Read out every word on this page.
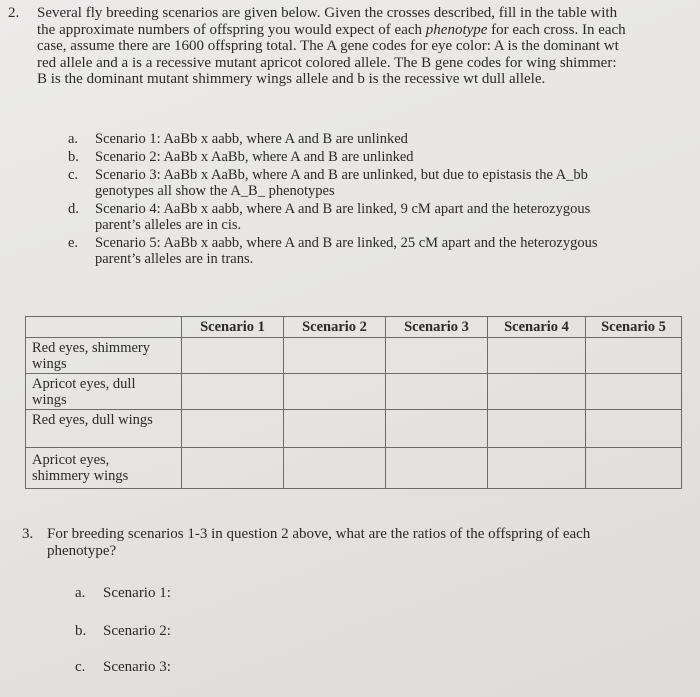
2. Several fly breeding scenarios are given below. Given the crosses described, fill in the table with
the approximate numbers of offspring you would expect of each phenotype for each cross. In each
case, assume there are 1600 offspring total. The A gene codes for eye color: A is the dominant wt
red allele and a is a recessive mutant apricot colored allele. The B gene codes for wing shimmer:
B is the dominant mutant shimmery wings allele and b is the recessive wt dull allele.
a. Scenario 1: AaBb x aabb, where A and B are unlinked
b. Scenario 2: AaBb x AaBb, where A and B are unlinked
c. Scenario 3: AaBb x AaBb, where A and B are unlinked, but due to epistasis the A_bb
genotypes all show the A_B_ phenotypes
d. Scenario 4: AaBb x aabb, where A and B are linked, 9 cM apart and the heterozygous
parent’s alleles are in cis.
e. Scenario 5: AaBb x aabb, where A and B are linked, 25 cM apart and the heterozygous
parent’s alleles are in trans.
	Scenario 1	Scenario 2	Scenario 3	Scenario 4	Scenario 5

Red eyes, shimmery
wings					

Apricot eyes, dull
wings					

Red eyes, dull wings					

Apricot eyes,
shimmery wings					

3. For breeding scenarios 1-3 in question 2 above, what are the ratios of the offspring of each
phenotype?
a. Scenario 1:
b. Scenario 2:
c. Scenario 3:
